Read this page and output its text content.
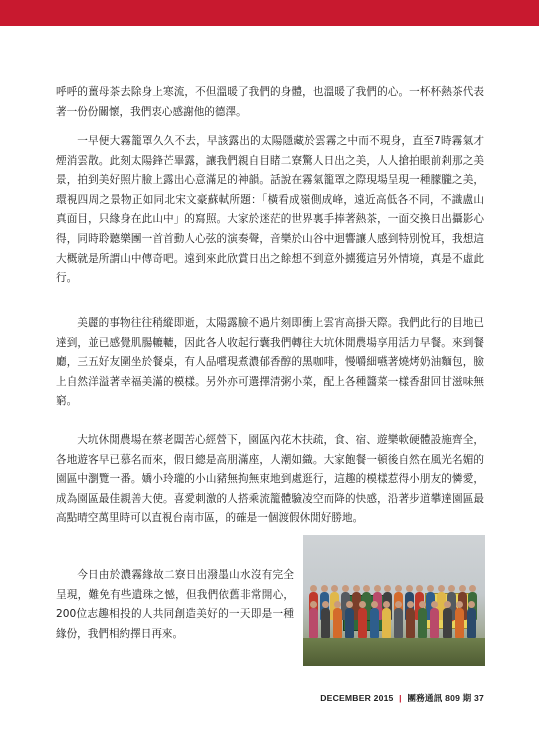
呼呼的薑母茶去除身上寒流，不但溫暖了我們的身體，也溫暖了我們的心。一杯杯熱茶代表著一份份關懷，我們衷心感謝他的德澤。

一早便大霧籠罩久久不去，早該露出的太陽隱藏於雲霧之中而不現身，直至7時霧氣才煙消雲散。此刻太陽鋒芒畢露，讓我們親自目睹二寮驚人日出之美，人人搶拍眼前剎那之美景，拍到美好照片臉上露出心意滿足的神韻。話說在霧氣籠罩之際現場呈現一種朦朧之美，環視四周之景物正如同北宋文豪蘇軾所題：「橫看成嶺側成峰，遠近高低各不同，不識盧山真面目，只緣身在此山中」的寫照。大家於迷茫的世界裏手捧著熱茶，一面交換日出攝影心得，同時聆聽樂團一首首動人心弦的演奏聲，音樂於山谷中迴響讓人感到特別悅耳，我想這大概就是所謂山中傳奇吧。遠到來此欣賞日出之餘想不到意外擄獲這另外情境，真是不虛此行。

美麗的事物往往稍縱即逝，太陽露臉不過片刻即衝上雲宵高掛天際。我們此行的目地已達到，並已感覺肌腸轆轆，因此各人收起行囊我們轉往大坑休閒農場享用活力早餐。來到餐廳，三五好友圍坐於餐桌，有人品嚐現煮濃郁香醇的黑咖啡，慢嚼細嚥著燒烤奶油麵包，臉上自然洋溢著幸福美滿的模樣。另外亦可選擇清粥小菜，配上各種醬菜一樣香甜回甘滋味無窮。

大坑休閒農場在蔡老闆苦心經營下，園區內花木扶疏，食、宿、遊樂軟硬體設施齊全，各地遊客早已慕名而來，假日總是高朋滿座，人潮如織。大家飽餐一頓後自然在風光名媚的園區中瀏覽一番。嬌小玲瓏的小山豬無拘無束地到處逛行，這趣的模樣惹得小朋友的憐愛，成為園區最佳親善大使。喜愛刺激的人搭乘流籠體驗凌空而降的快感，沿著步道攀達園區最高點晴空萬里時可以直視台南市區，的確是一個渡假休閒好勝地。

今日由於濃霧緣故二寮日出潑墨山水沒有完全呈現，難免有些遺珠之憾，但我們依舊非常開心，200位志趣相投的人共同創造美好的一天即是一種緣份，我們相約擇日再來。

DECEMBER 2015 | 團務通訊 809 期 37
